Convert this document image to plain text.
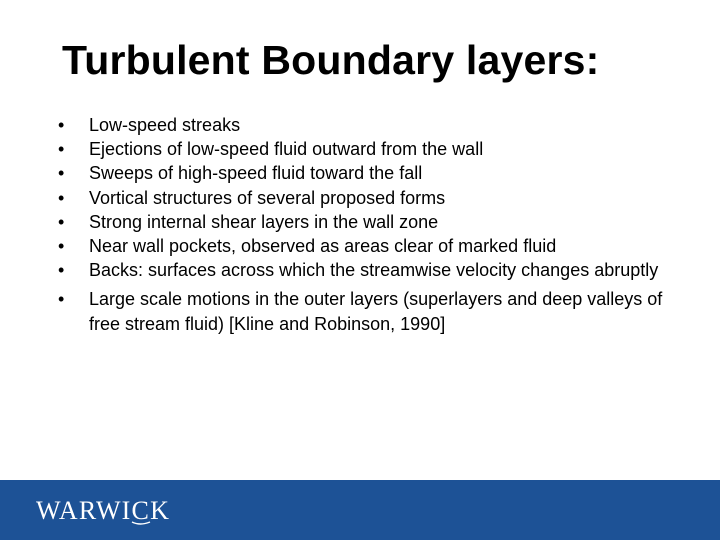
Turbulent Boundary layers:
•	Low-speed streaks
•	Ejections of low-speed fluid outward from the wall
•	Sweeps of high-speed fluid toward the fall
•	Vortical structures of several proposed forms
•	Strong internal shear layers in the wall zone
•	Near wall pockets, observed as areas clear of marked fluid
•	Backs: surfaces across which the streamwise velocity changes abruptly
•	Large scale motions in the outer layers (superlayers and deep valleys of free stream fluid) [Kline and Robinson, 1990]
WARWICK
